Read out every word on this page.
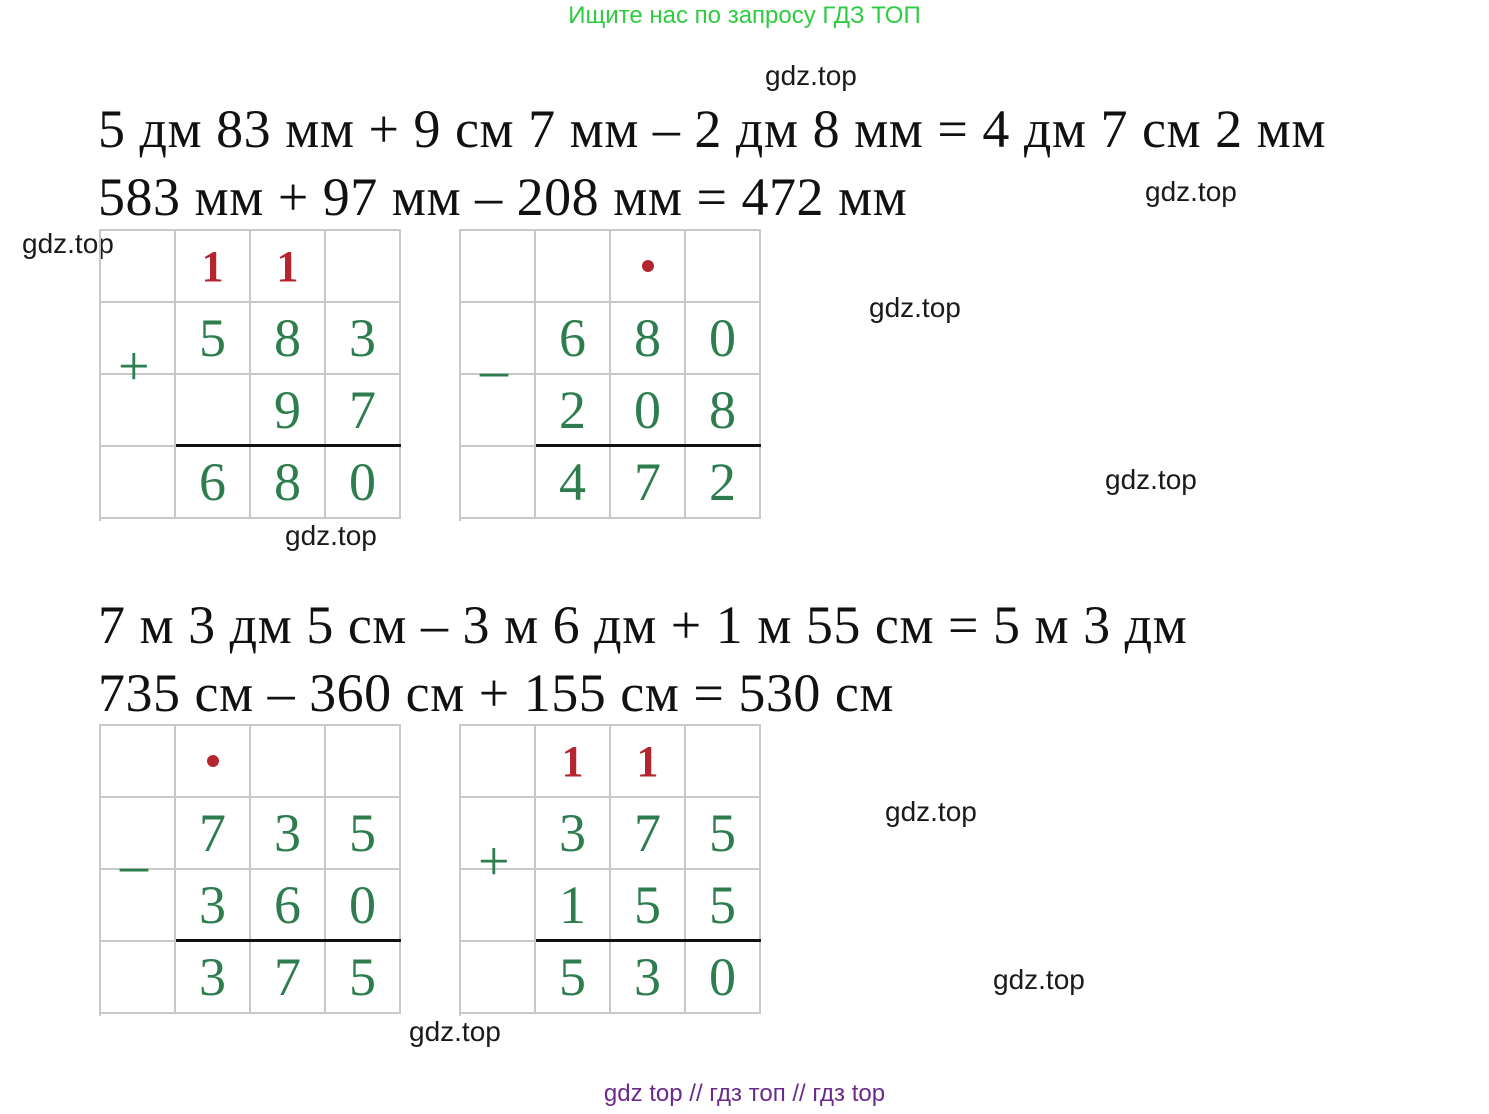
Ищите нас по запросу ГДЗ ТОП
gdz.top
gdz.top
gdz.top
gdz.top
gdz.top
gdz.top
gdz.top
gdz.top
gdz.top
5 дм 83 мм + 9 см 7 мм – 2 дм 8 мм = 4 дм 7 см 2 мм
583 мм + 97 мм – 208 мм = 472 мм
7 м 3 дм 5 см – 3 м 6 дм + 1 м 55 см = 5 м 3 дм
735 см – 360 см + 155 см = 530 см
1 1
5 8 3
9 7
6 8 0
+	6 8 0
2 0 8
4 7 2
–
7 3 5
3 6 0
3 7 5
–
1 1
3 7 5
1 5 5
5 3 0
+
gdz top // гдз топ // гдз top
